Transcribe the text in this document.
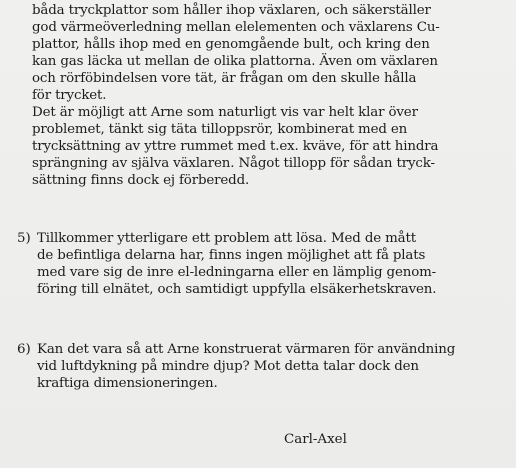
båda tryckplattor som håller ihop växlaren, och säkerställer
god värmeöverledning mellan elelementen och växlarens Cu-
plattor, hålls ihop med en genomgående bult, och kring den
kan gas läcka ut mellan de olika plattorna. Även om växlaren
och rörföbindelsen vore tät, är frågan om den skulle hålla
för trycket.
Det är möjligt att Arne som naturligt vis var helt klar över
problemet, tänkt sig täta tilloppsrör, kombinerat med en
trycksättning av yttre rummet med t.ex. kväve, för att hindra
sprängning av själva växlaren. Något tillopp för sådan tryck-
sättning finns dock ej förberedd.
5) Tillkommer ytterligare ett problem att lösa. Med de mått
de befintliga delarna har, finns ingen möjlighet att få plats
med vare sig de inre el-ledningarna eller en lämplig genom-
föring till elnätet, och samtidigt uppfylla elsäkerhetskraven.
6) Kan det vara så att Arne konstruerat värmaren för användning
vid luftdykning på mindre djup? Mot detta talar dock den
kraftiga dimensioneringen.
Carl-Axel
